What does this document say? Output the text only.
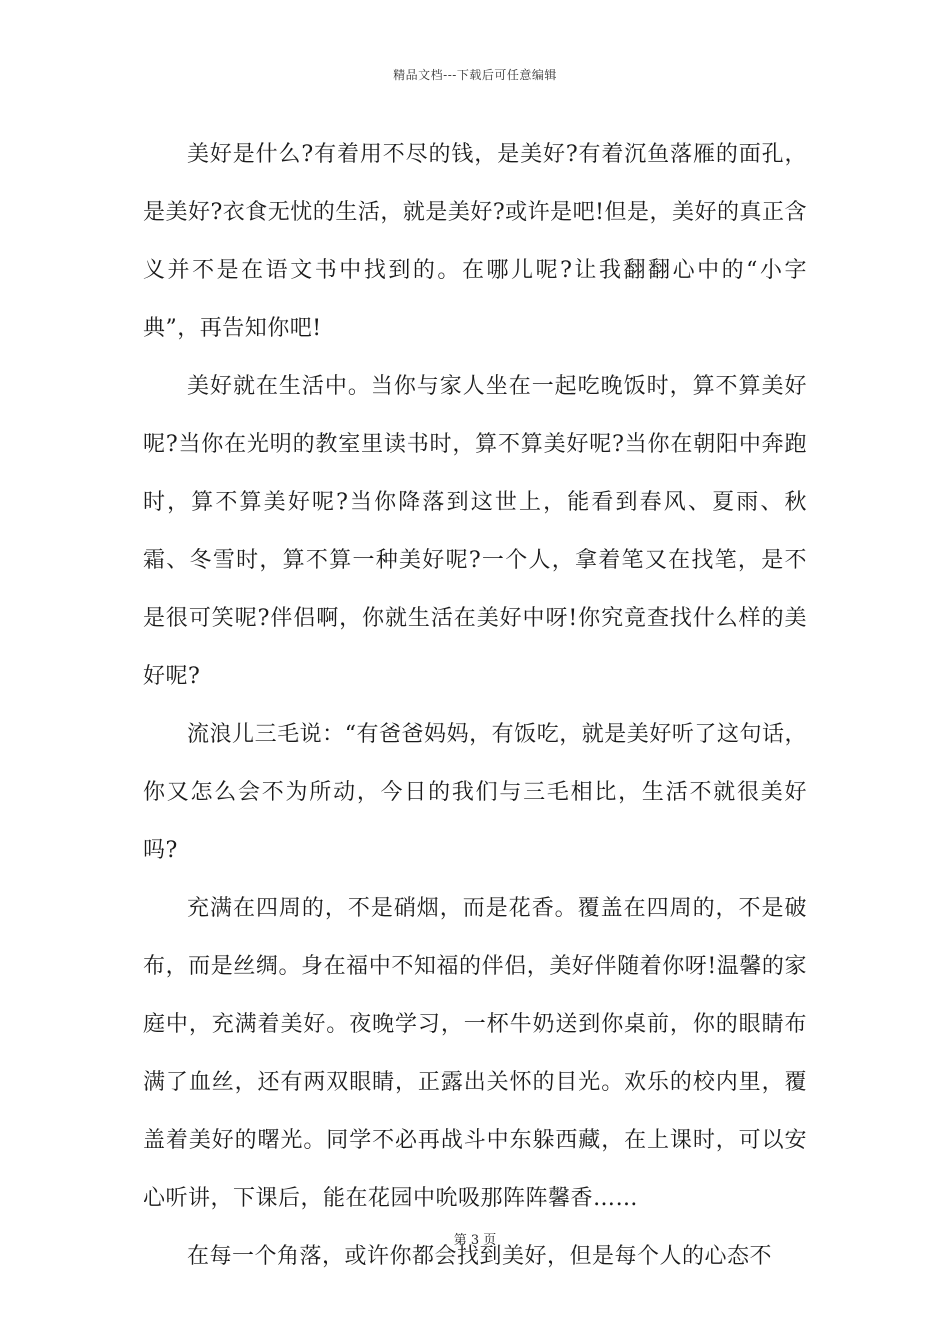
精品文档---下载后可任意编辑

美好是什么?有着用不尽的钱，是美好?有着沉鱼落雁的面孔，是美好?衣食无忧的生活，就是美好?或许是吧!但是，美好的真正含义并不是在语文书中找到的。在哪儿呢?让我翻翻心中的“小字典”，再告知你吧!

美好就在生活中。当你与家人坐在一起吃晚饭时，算不算美好呢?当你在光明的教室里读书时，算不算美好呢?当你在朝阳中奔跑时，算不算美好呢?当你降落到这世上，能看到春风、夏雨、秋霜、冬雪时，算不算一种美好呢?一个人，拿着笔又在找笔，是不是很可笑呢?伴侣啊，你就生活在美好中呀!你究竟查找什么样的美好呢?

流浪儿三毛说：“有爸爸妈妈，有饭吃，就是美好听了这句话，你又怎么会不为所动，今日的我们与三毛相比，生活不就很美好吗?

充满在四周的，不是硝烟，而是花香。覆盖在四周的，不是破布，而是丝绸。身在福中不知福的伴侣，美好伴随着你呀!温馨的家庭中，充满着美好。夜晚学习，一杯牛奶送到你桌前，你的眼睛布满了血丝，还有两双眼睛，正露出关怀的目光。欢乐的校内里，覆盖着美好的曙光。同学不必再战斗中东躲西藏，在上课时，可以安心听讲，下课后，能在花园中吮吸那阵阵馨香……

在每一个角落，或许你都会找到美好，但是每个人的心态不

第 3 页
